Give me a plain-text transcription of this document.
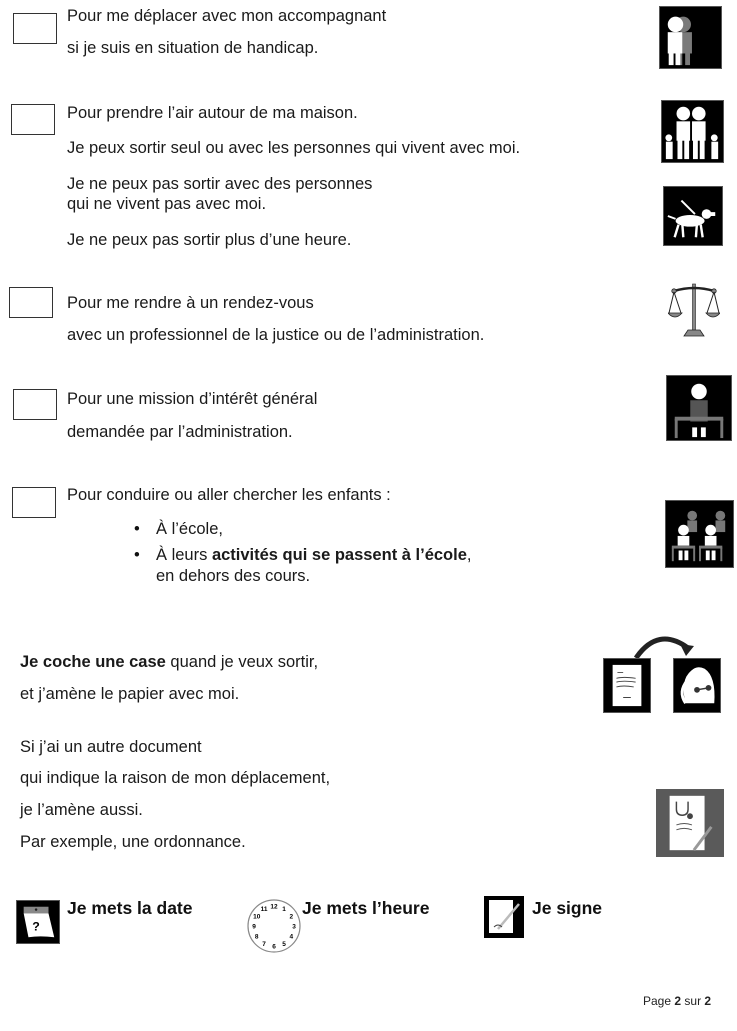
Pour me déplacer avec mon accompagnant
si je suis en situation de handicap.
Pour prendre l’air autour de ma maison.
Je peux sortir seul ou avec les personnes qui vivent avec moi.
Je ne peux pas sortir avec des personnes
qui ne vivent pas avec moi.
Je ne peux pas sortir plus d’une heure.
Pour me rendre à un rendez-vous
avec un professionnel de la justice ou de l’administration.
Pour une mission d’intérêt général
demandée par l’administration.
Pour conduire ou aller chercher les enfants :
• À l’école,
• À leurs activités qui se passent à l’école,
en dehors des cours.
Je coche une case quand je veux sortir,
et j’amène le papier avec moi.
Si j’ai un autre document
qui indique la raison de mon déplacement,
je l’amène aussi.
Par exemple, une ordonnance.
?
Je mets la date	12 1
2
3
4
5
6
7
8
9
10
11 Je mets l’heure	Je signe
Page 2 sur 2
